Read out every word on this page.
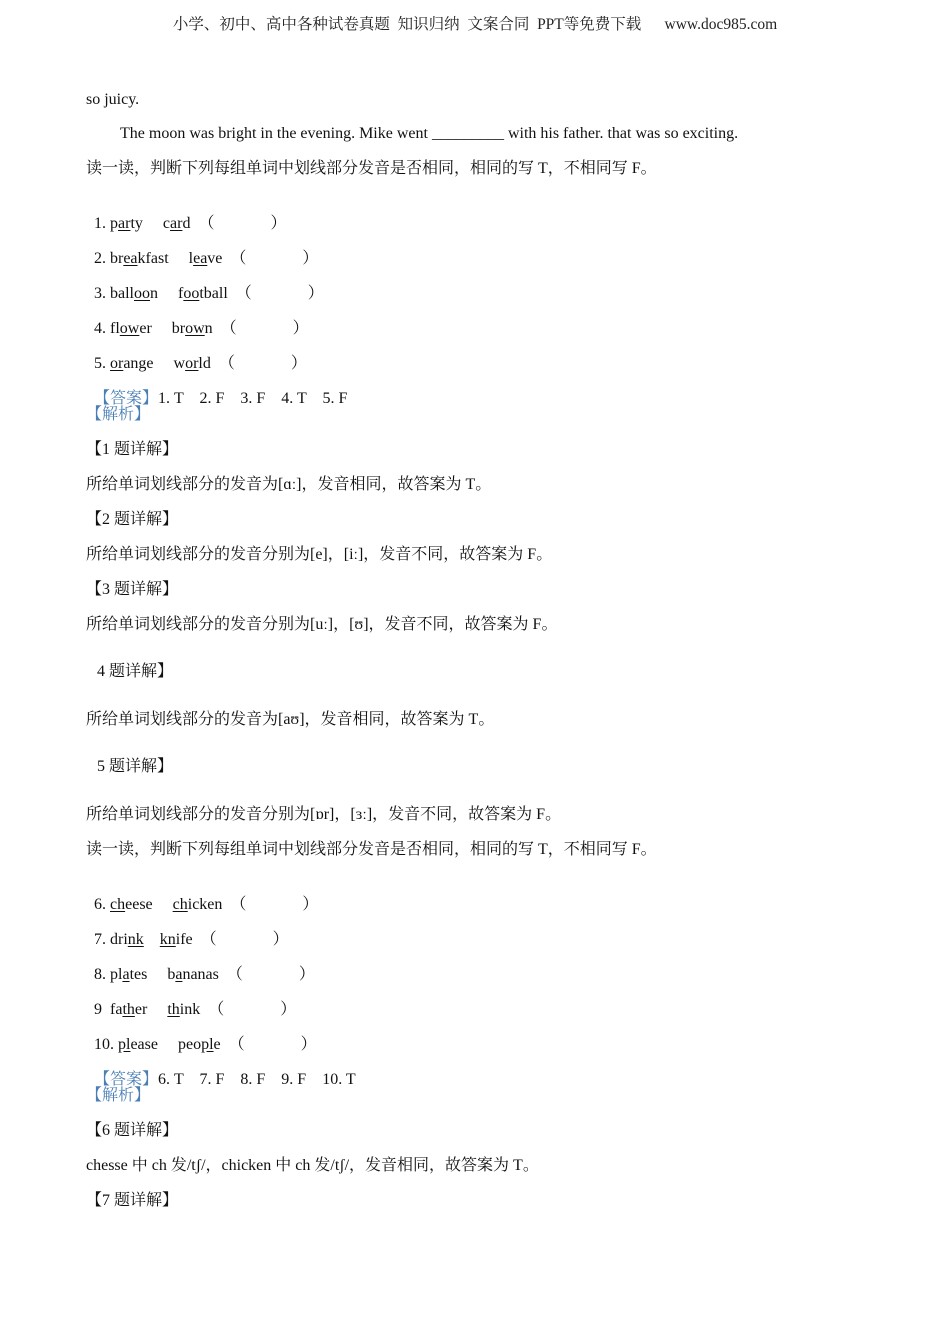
小学、初中、高中各种试卷真题  知识归纳  文案合同  PPT等免费下载      www.doc985.com
so juicy.
The moon was bright in the evening. Mike went _________ with his father. that was so exciting.
读一读，判断下列每组单词中划线部分发音是否相同，相同的写 T，不相同写 F。

1. party card （              ）

2. breakfast leave （              ）

3. balloon football （              ）

4. flower brown （              ）

5. orange world （              ）

【答案】1. T    2. F    3. F    4. T    5. F

【解析】
【1 题详解】
所给单词划线部分的发音为[ɑː]，发音相同，故答案为 T。
【2 题详解】
所给单词划线部分的发音分别为[e]，[iː]，发音不同，故答案为 F。
【3 题详解】
所给单词划线部分的发音分别为[uː]，[ʊ]，发音不同，故答案为 F。
4 题详解】
所给单词划线部分的发音为[aʊ]，发音相同，故答案为 T。
5 题详解】
所给单词划线部分的发音分别为[ɒr]，[ɜː]，发音不同，故答案为 F。
读一读，判断下列每组单词中划线部分发音是否相同，相同的写 T，不相同写 F。

6. cheese chicken （              ）

7. drink knife （              ）

8. plates bananas （              ）

9  father think （              ）

10. please people （              ）

【答案】6. T    7. F    8. F    9. F    10. T

【解析】
【6 题详解】
chesse 中 ch 发/tʃ/，chicken 中 ch 发/tʃ/，发音相同，故答案为 T。
【7 题详解】
